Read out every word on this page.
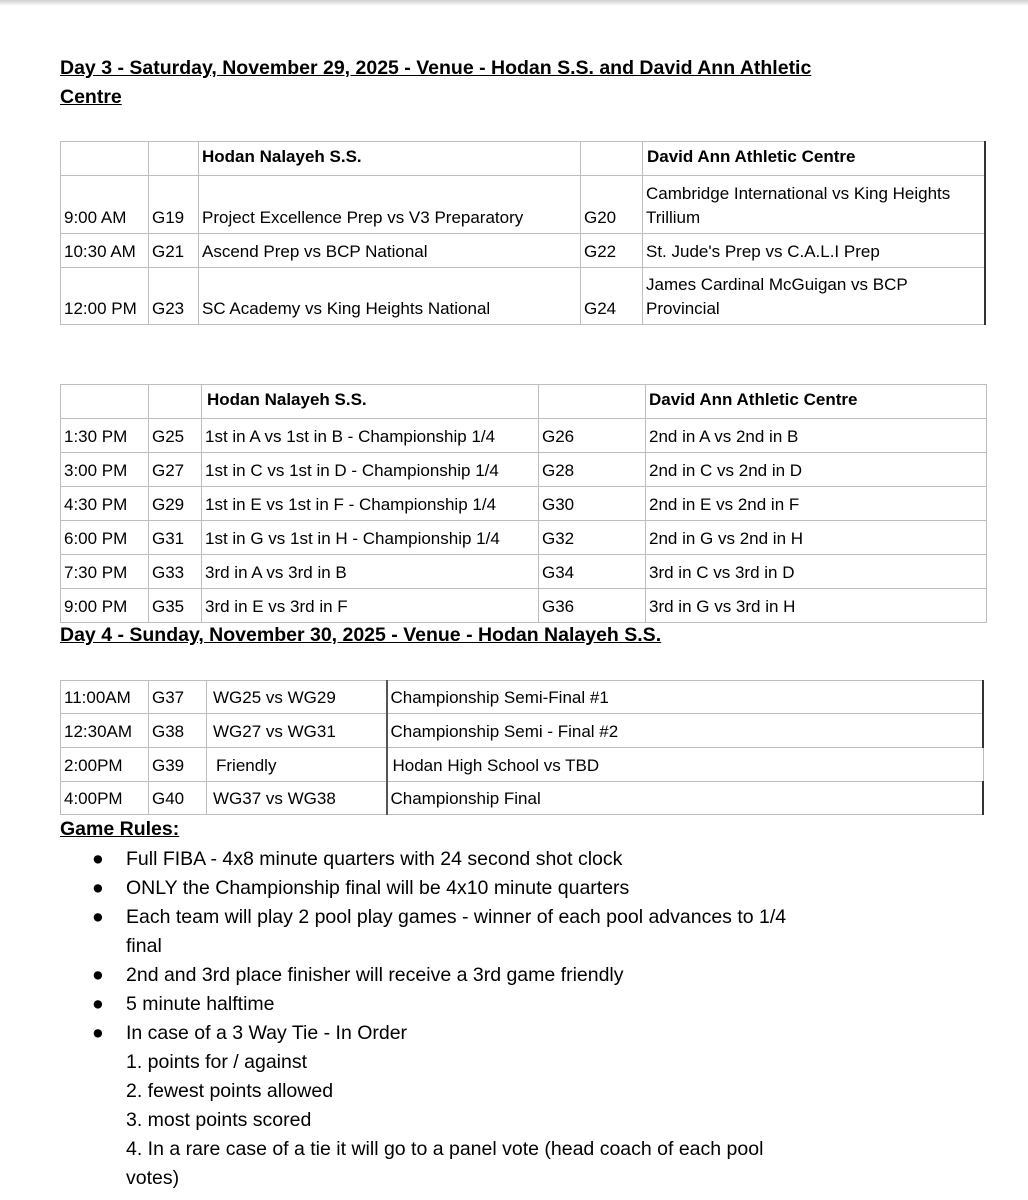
Day 3 - Saturday, November 29, 2025 - Venue - Hodan S.S. and David Ann Athletic Centre
		Hodan Nalayeh S.S.		David Ann Athletic Centre
9:00 AM	G19	Project Excellence Prep vs V3 Preparatory	G20	Cambridge International vs King Heights Trillium
10:30 AM	G21	Ascend Prep vs BCP National	G22	St. Jude's Prep vs C.A.L.I Prep
12:00 PM	G23	SC Academy vs King Heights National	G24	James Cardinal McGuigan vs BCP Provincial
		Hodan Nalayeh S.S.		David Ann Athletic Centre
1:30 PM	G25	1st in A vs 1st in B - Championship 1/4	G26	2nd in A vs 2nd in B
3:00 PM	G27	1st in C vs 1st in D - Championship 1/4	G28	2nd in C vs 2nd in D
4:30 PM	G29	1st in E vs 1st in F - Championship 1/4	G30	2nd in E vs 2nd in F
6:00 PM	G31	1st in G vs 1st in H - Championship 1/4	G32	2nd in G vs 2nd in H
7:30 PM	G33	3rd in A vs 3rd in B	G34	3rd in C vs 3rd in D
9:00 PM	G35	3rd in E vs 3rd in F	G36	3rd in G vs 3rd in H
Day 4 - Sunday, November 30, 2025 - Venue - Hodan Nalayeh S.S.
11:00AM	G37	WG25 vs WG29	Championship Semi-Final #1
12:30AM	G38	WG27 vs WG31	Championship Semi - Final #2
2:00PM	G39	Friendly	Hodan High School vs TBD
4:00PM	G40	WG37 vs WG38	Championship Final
Game Rules:
● Full FIBA - 4x8 minute quarters with 24 second shot clock
● ONLY the Championship final will be 4x10 minute quarters
● Each team will play 2 pool play games - winner of each pool advances to 1/4 final
● 2nd and 3rd place finisher will receive a 3rd game friendly
● 5 minute halftime
● In case of a 3 Way Tie - In Order
1. points for / against
2. fewest points allowed
3. most points scored
4. In a rare case of a tie it will go to a panel vote (head coach of each pool votes)
